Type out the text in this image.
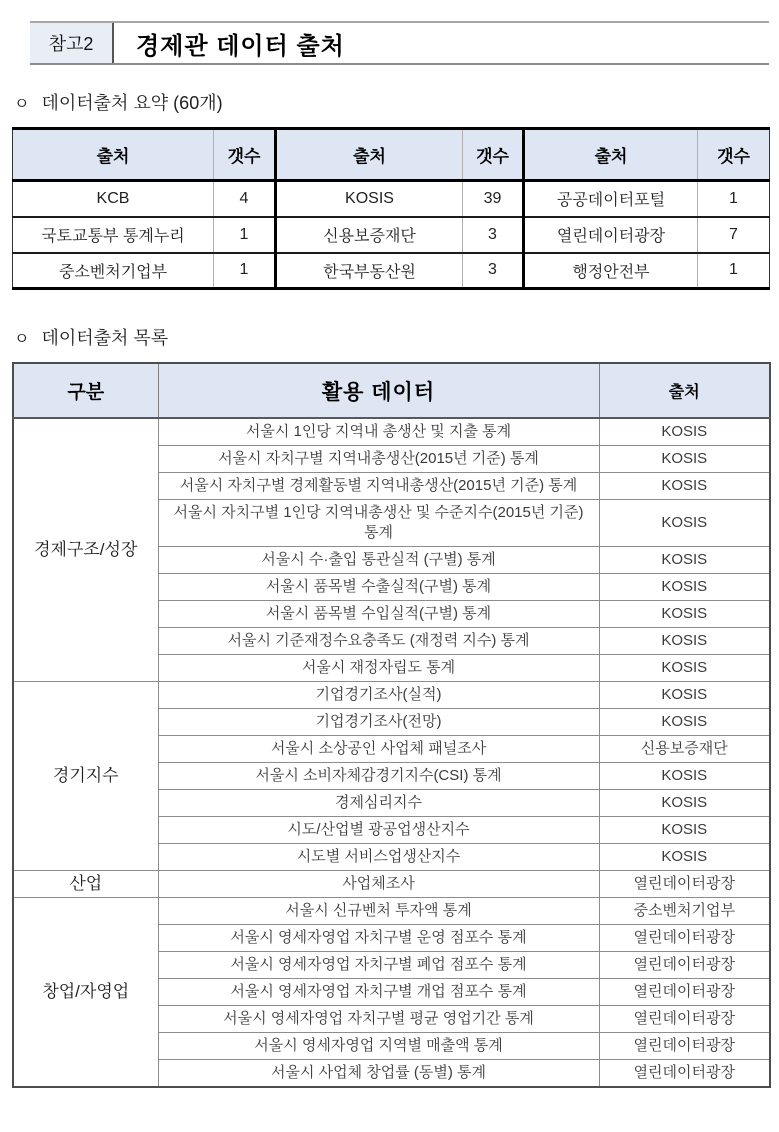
참고2	경제관 데이터 출처
ㅇ 데이터출처 요약 (60개)
출처	갯수	출처	갯수	출처	갯수
KCB	4	KOSIS	39	공공데이터포털	1
국토교통부 통계누리	1	신용보증재단	3	열린데이터광장	7
중소벤처기업부	1	한국부동산원	3	행정안전부	1
ㅇ 데이터출처 목록
구분	활용 데이터	출처
경제구조/성장	서울시 1인당 지역내 총생산 및 지출 통계	KOSIS
	서울시 자치구별 지역내총생산(2015년 기준) 통계	KOSIS
	서울시 자치구별 경제활동별 지역내총생산(2015년 기준) 통계	KOSIS
	서울시 자치구별 1인당 지역내총생산 및 수준지수(2015년 기준) 통계	KOSIS
	서울시 수·출입 통관실적 (구별) 통계	KOSIS
	서울시 품목별 수출실적(구별) 통계	KOSIS
	서울시 품목별 수입실적(구별) 통계	KOSIS
	서울시 기준재정수요충족도 (재정력 지수) 통계	KOSIS
	서울시 재정자립도 통계	KOSIS
경기지수	기업경기조사(실적)	KOSIS
	기업경기조사(전망)	KOSIS
	서울시 소상공인 사업체 패널조사	신용보증재단
	서울시 소비자체감경기지수(CSI) 통계	KOSIS
	경제심리지수	KOSIS
	시도/산업별 광공업생산지수	KOSIS
	시도별 서비스업생산지수	KOSIS
산업	사업체조사	열린데이터광장
창업/자영업	서울시 신규벤처 투자액 통계	중소벤처기업부
	서울시 영세자영업 자치구별 운영 점포수 통계	열린데이터광장
	서울시 영세자영업 자치구별 폐업 점포수 통계	열린데이터광장
	서울시 영세자영업 자치구별 개업 점포수 통계	열린데이터광장
	서울시 영세자영업 자치구별 평균 영업기간 통계	열린데이터광장
	서울시 영세자영업 지역별 매출액 통계	열린데이터광장
	서울시 사업체 창업률 (동별) 통계	열린데이터광장
